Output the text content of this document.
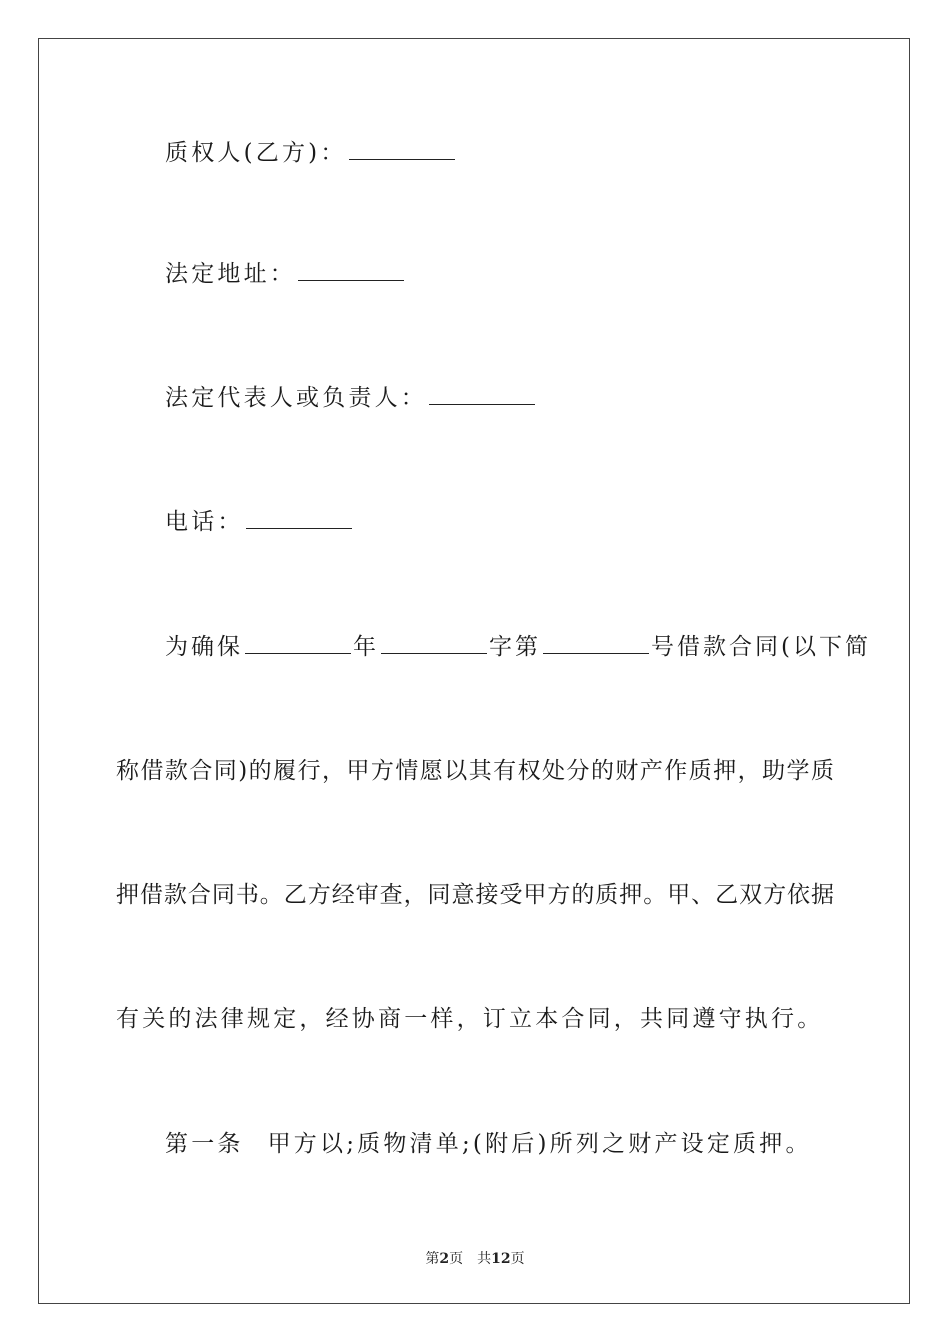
质权人(乙方)：
法定地址：
法定代表人或负责人：
电话：
为确保	年	字第	号借款合同(以下简
称借款合同)的履行，甲方情愿以其有权处分的财产作质押，助学质
押借款合同书。乙方经审查，同意接受甲方的质押。甲、乙双方依据
有关的法律规定，经协商一样，订立本合同，共同遵守执行。
第一条 甲方以;质物清单;(附后)所列之财产设定质押。
第2页 共12页
